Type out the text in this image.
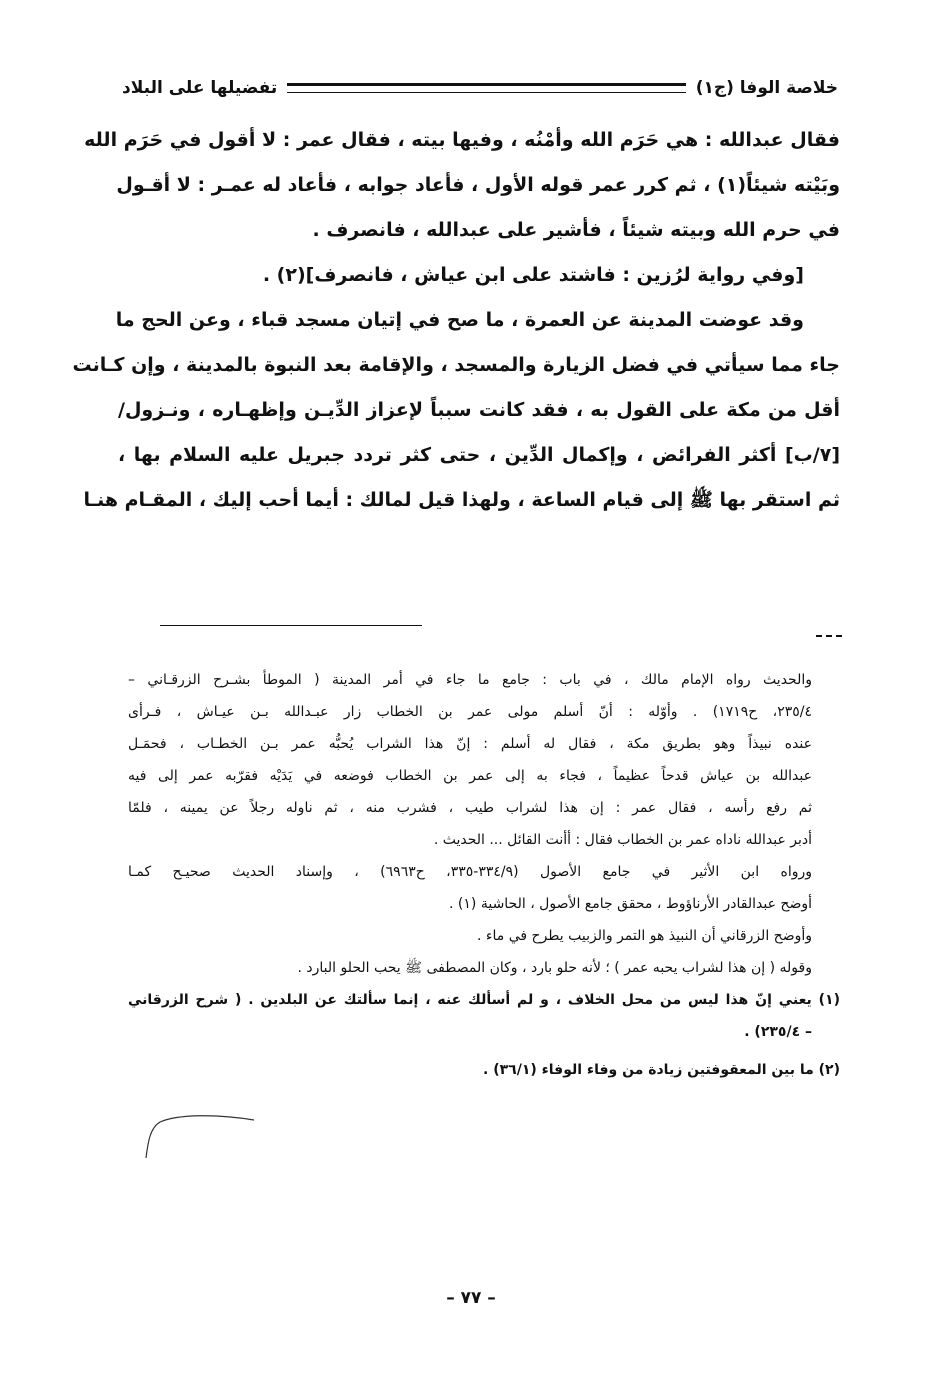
خلاصة الوفا (ج١)
تفضيلها على البلاد
فقال عبدالله : هي حَرَم الله وأمْنُه ، وفيها بيته ، فقال عمر : لا أقول في حَرَم الله
وبَيْته شيئاً(١) ، ثم كرر عمر قوله الأول ، فأعاد جوابه ، فأعاد له عمـر : لا أقـول
في حرم الله وبيته شيئاً ، فأشير على عبدالله ، فانصرف .
[وفي رواية لرُزين : فاشتد على ابن عياش ، فانصرف](٢) .
وقد عوضت المدينة عن العمرة ، ما صح في إتيان مسجد قباء ، وعن الحج ما
جاء مما سيأتي في فضل الزيارة والمسجد ، والإقامة بعد النبوة بالمدينة ، وإن كـانت
أقل من مكة على القول به ، فقد كانت سبباً لإعزاز الدِّيـن وإظهـاره ، ونـزول/
[٧/ب] أكثر الفرائض ، وإكمال الدِّين ، حتى كثر تردد جبريل عليه السلام بها ،
ثم استقر بها ﷺ إلى قيام الساعة ، ولهذا قيل لمالك : أيما أحب إليك ، المقـام هنـا
والحديث رواه الإمام مالك ، في باب : جامع ما جاء في أمر المدينة ( الموطأ بشـرح الزرقـاني –
٢٣٥/٤، ح١٧١٩) . وأوّله : أنّ أسلم مولى عمر بن الخطاب زار عبـدالله بـن عيـاش ، فـرأى
عنده نبيذاً وهو بطريق مكة ، فقال له أسلم : إنّ هذا الشراب يُحبُّه عمر بـن الخطـاب ، فحمَـل
عبدالله بن عياش قدحاً عظيماً ، فجاء به إلى عمر بن الخطاب فوضعه في يَدَيْه فقرّبه عمر إلى فيه
ثم رفع رأسه ، فقال عمر : إن هذا لشراب طيب ، فشرب منه ، ثم ناوله رجلاً عن يمينه ، فلمّا
أدبر عبدالله ناداه عمر بن الخطاب فقال : أأنت القائل ... الحديث .
ورواه ابن الأثير في جامع الأصول (٣٣٤/٩-٣٣٥، ح٦٩٦٣) ، وإسناد الحديث صحيـح كمـا
أوضح عبدالقادر الأرناؤوط ، محقق جامع الأصول ، الحاشية (١) .
وأوضح الزرقاني أن النبيذ هو التمر والزبيب يطرح في ماء .
وقوله ( إن هذا لشراب يحبه عمر ) ؛ لأنه حلو بارد ، وكان المصطفى ﷺ يحب الحلو البارد .
(١) يعني إنّ هذا ليس من محل الخلاف ، و لم أسألك عنه ، إنما سألتك عن البلدين . ( شرح الزرقاني
– ٢٣٥/٤) .
(٢) ما بين المعقوفتين زيادة من وفاء الوفاء (٣٦/١) .
– ٧٧ –
